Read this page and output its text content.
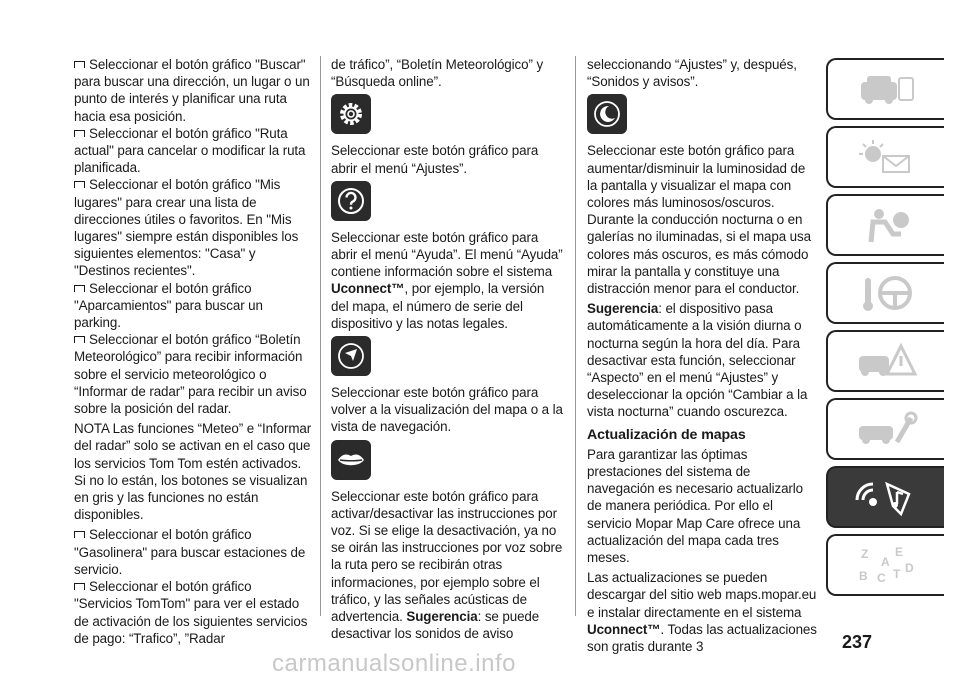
Seleccionar el botón gráfico "Buscar" para buscar una dirección, un lugar o un punto de interés y planificar una ruta hacia esa posición.

Seleccionar el botón gráfico "Ruta actual" para cancelar o modificar la ruta planificada.

Seleccionar el botón gráfico "Mis lugares" para crear una lista de direcciones útiles o favoritos. En "Mis lugares" siempre están disponibles los siguientes elementos: "Casa" y "Destinos recientes".

Seleccionar el botón gráfico "Aparcamientos" para buscar un parking.

Seleccionar el botón gráfico “Boletín Meteorológico” para recibir información sobre el servicio meteorológico o “Informar de radar” para recibir un aviso sobre la posición del radar.

NOTA Las funciones “Meteo” e “Informar del radar” solo se activan en el caso que los servicios Tom Tom estén activados. Si no lo están, los botones se visualizan en gris y las funciones no están disponibles.

Seleccionar el botón gráfico "Gasolinera" para buscar estaciones de servicio.

Seleccionar el botón gráfico "Servicios TomTom" para ver el estado de activación de los siguientes servicios de pago: “Trafico”, ”Radar

de tráfico”, “Boletín Meteorológico” y “Búsqueda online”.

Seleccionar este botón gráfico para abrir el menú “Ajustes”.

Seleccionar este botón gráfico para abrir el menú “Ayuda”. El menú “Ayuda” contiene información sobre el sistema Uconnect™, por ejemplo, la versión del mapa, el número de serie del dispositivo y las notas legales.

Seleccionar este botón gráfico para volver a la visualización del mapa o a la vista de navegación.

Seleccionar este botón gráfico para activar/desactivar las instrucciones por voz. Si se elige la desactivación, ya no se oirán las instrucciones por voz sobre la ruta pero se recibirán otras informaciones, por ejemplo sobre el tráfico, y las señales acústicas de advertencia. Sugerencia: se puede desactivar los sonidos de aviso

seleccionando “Ajustes” y, después, “Sonidos y avisos”.

Seleccionar este botón gráfico para aumentar/disminuir la luminosidad de la pantalla y visualizar el mapa con colores más luminosos/oscuros. Durante la conducción nocturna o en galerías no iluminadas, si el mapa usa colores más oscuros, es más cómodo mirar la pantalla y constituye una distracción menor para el conductor.

Sugerencia: el dispositivo pasa automáticamente a la visión diurna o nocturna según la hora del día. Para desactivar esta función, seleccionar “Aspecto” en el menú “Ajustes” y deseleccionar la opción “Cambiar a la vista nocturna” cuando oscurezca.

Actualización de mapas

Para garantizar las óptimas prestaciones del sistema de navegación es necesario actualizarlo de manera periódica. Por ello el servicio Mopar Map Care ofrece una actualización del mapa cada tres meses.

Las actualizaciones se pueden descargar del sitio web maps.mopar.eu e instalar directamente en el sistema Uconnect™. Todas las actualizaciones son gratis durante 3

Z E
A
B C T D
237
carmanualsonline.info
